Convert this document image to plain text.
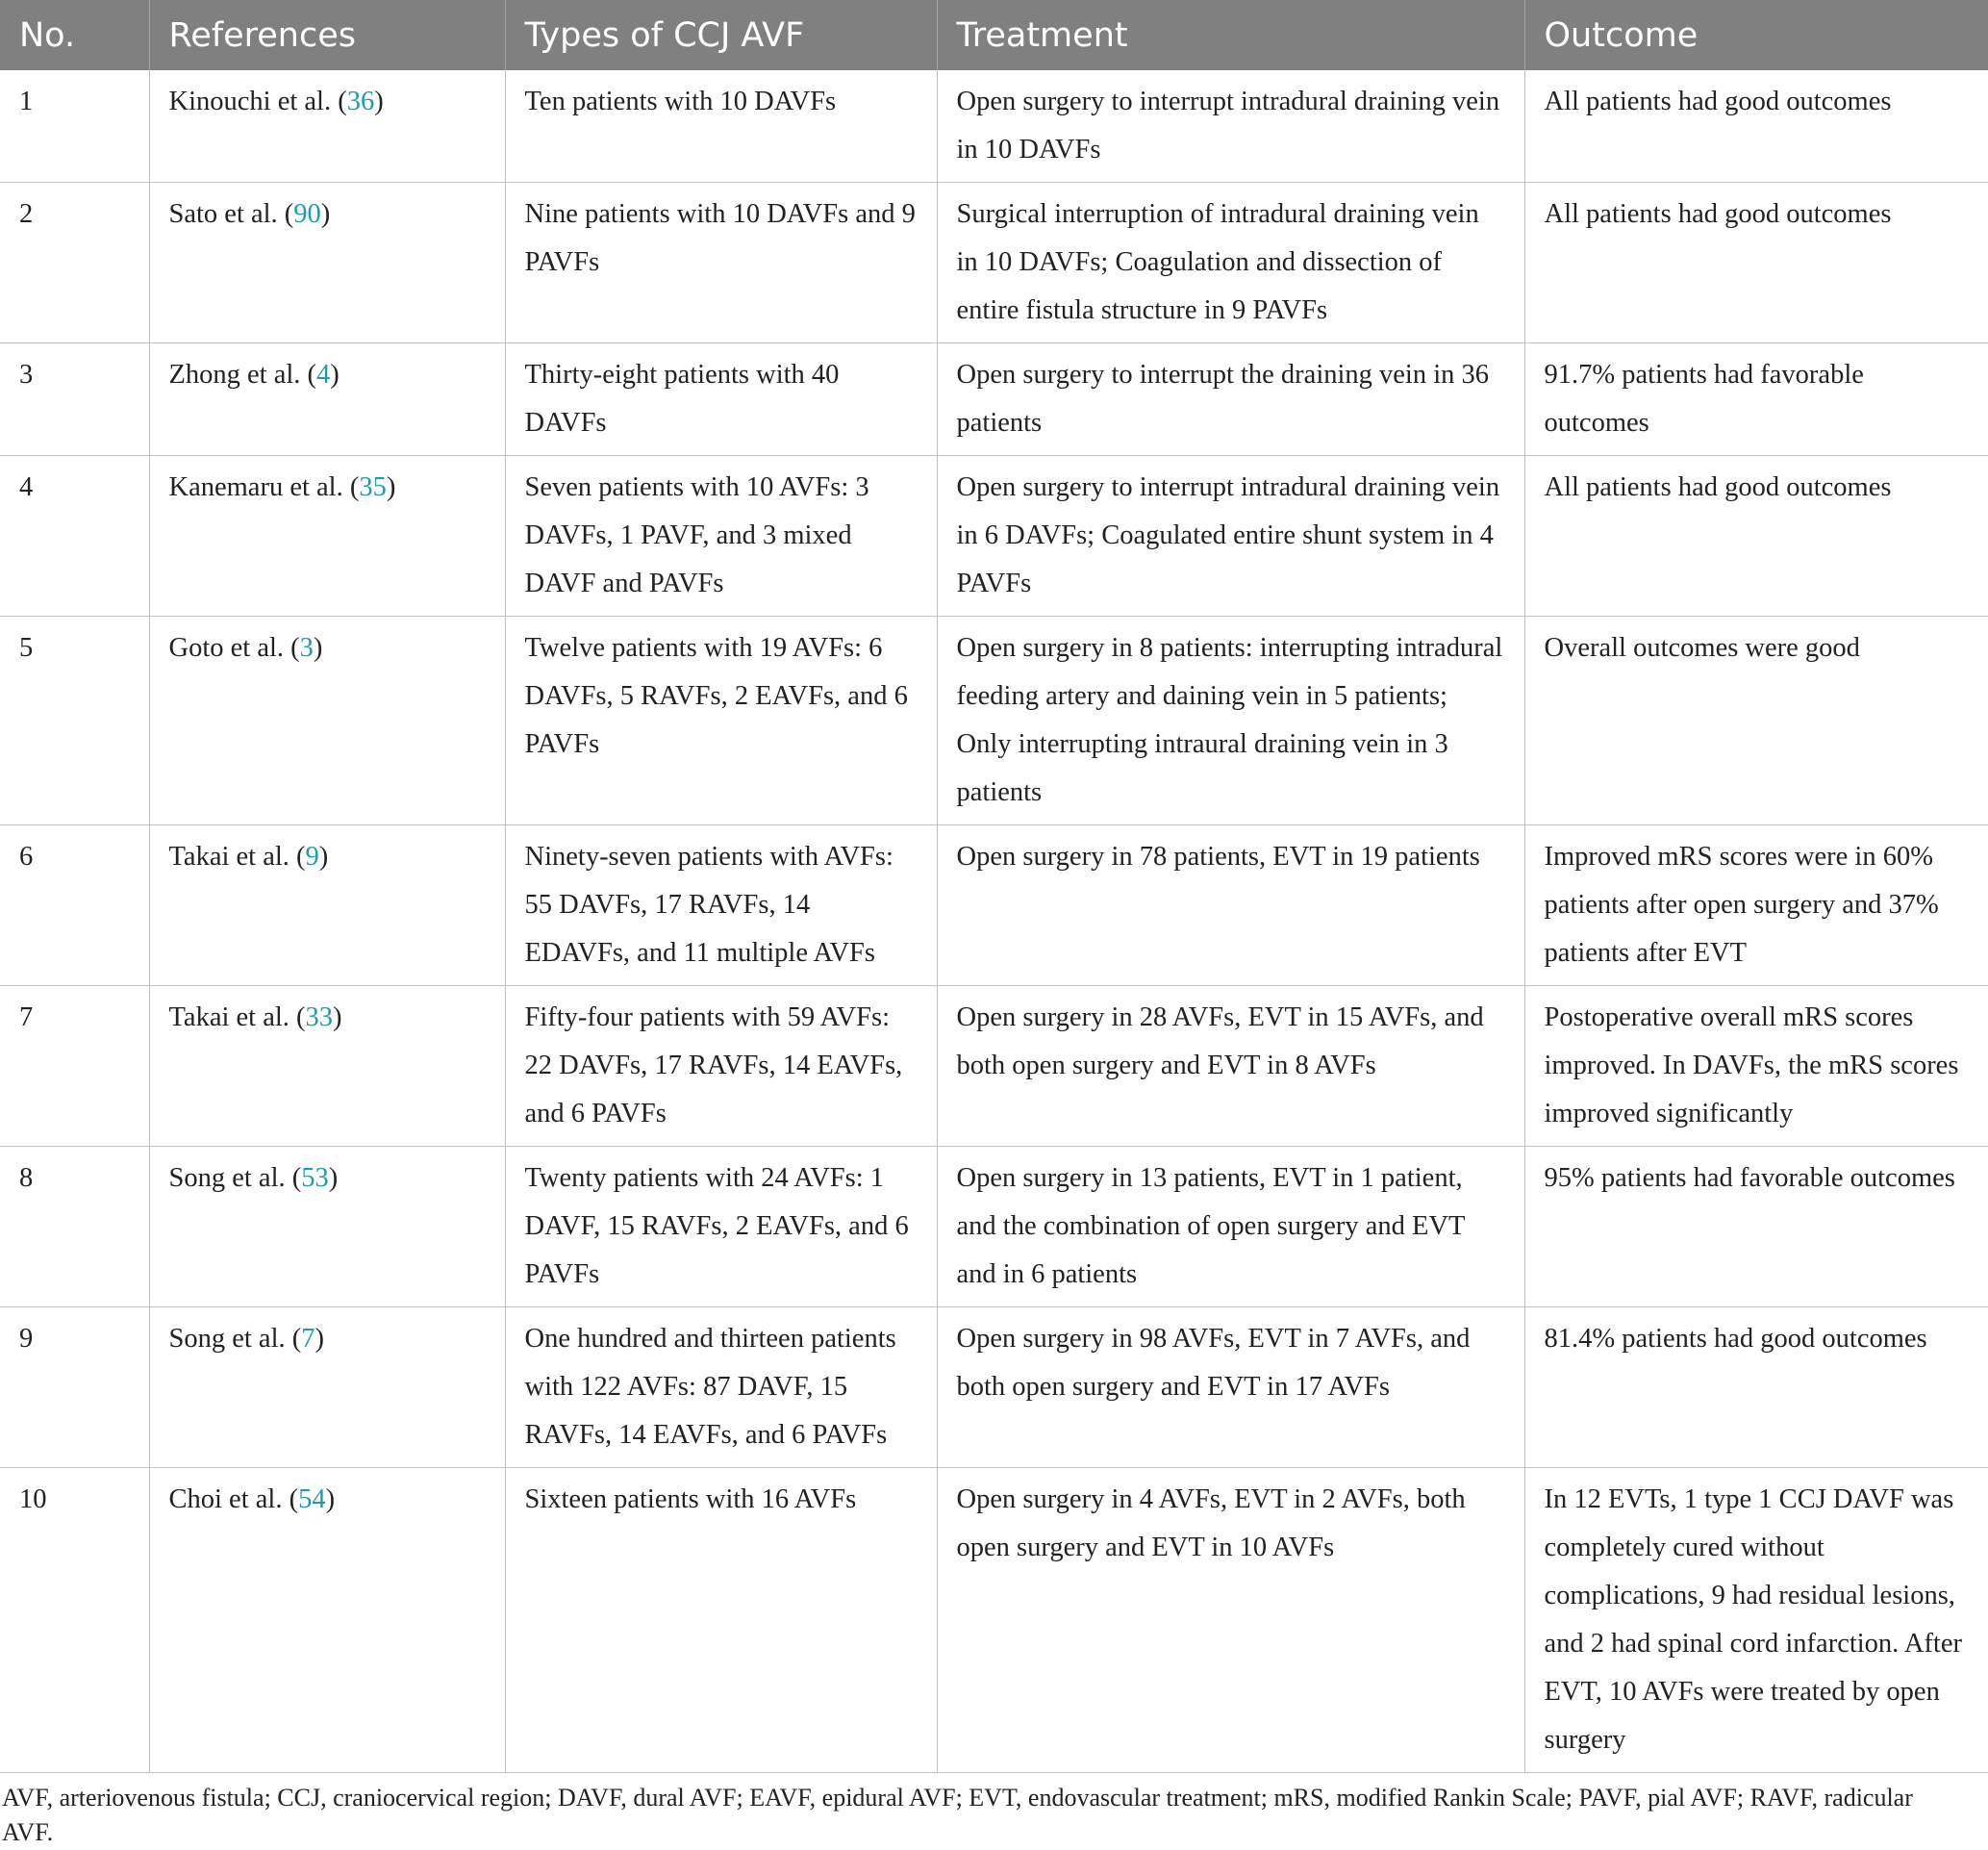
No.	References	Types of CCJ AVF	Treatment	Outcome
1	Kinouchi et al. (36)	Ten patients with 10 DAVFs	Open surgery to interrupt intradural draining vein in 10 DAVFs	All patients had good outcomes
2	Sato et al. (90)	Nine patients with 10 DAVFs and 9 PAVFs	Surgical interruption of intradural draining vein in 10 DAVFs; Coagulation and dissection of entire fistula structure in 9 PAVFs	All patients had good outcomes
3	Zhong et al. (4)	Thirty-eight patients with 40 DAVFs	Open surgery to interrupt the draining vein in 36 patients	91.7% patients had favorable outcomes
4	Kanemaru et al. (35)	Seven patients with 10 AVFs: 3 DAVFs, 1 PAVF, and 3 mixed DAVF and PAVFs	Open surgery to interrupt intradural draining vein in 6 DAVFs; Coagulated entire shunt system in 4 PAVFs	All patients had good outcomes
5	Goto et al. (3)	Twelve patients with 19 AVFs: 6 DAVFs, 5 RAVFs, 2 EAVFs, and 6 PAVFs	Open surgery in 8 patients: interrupting intradural feeding artery and daining vein in 5 patients; Only interrupting intraural draining vein in 3 patients	Overall outcomes were good
6	Takai et al. (9)	Ninety-seven patients with AVFs: 55 DAVFs, 17 RAVFs, 14 EDAVFs, and 11 multiple AVFs	Open surgery in 78 patients, EVT in 19 patients	Improved mRS scores were in 60% patients after open surgery and 37% patients after EVT
7	Takai et al. (33)	Fifty-four patients with 59 AVFs: 22 DAVFs, 17 RAVFs, 14 EAVFs, and 6 PAVFs	Open surgery in 28 AVFs, EVT in 15 AVFs, and both open surgery and EVT in 8 AVFs	Postoperative overall mRS scores improved. In DAVFs, the mRS scores improved significantly
8	Song et al. (53)	Twenty patients with 24 AVFs: 1 DAVF, 15 RAVFs, 2 EAVFs, and 6 PAVFs	Open surgery in 13 patients, EVT in 1 patient, and the combination of open surgery and EVT and in 6 patients	95% patients had favorable outcomes
9	Song et al. (7)	One hundred and thirteen patients with 122 AVFs: 87 DAVF, 15 RAVFs, 14 EAVFs, and 6 PAVFs	Open surgery in 98 AVFs, EVT in 7 AVFs, and both open surgery and EVT in 17 AVFs	81.4% patients had good outcomes
10	Choi et al. (54)	Sixteen patients with 16 AVFs	Open surgery in 4 AVFs, EVT in 2 AVFs, both open surgery and EVT in 10 AVFs	In 12 EVTs, 1 type 1 CCJ DAVF was completely cured without complications, 9 had residual lesions, and 2 had spinal cord infarction. After EVT, 10 AVFs were treated by open surgery
AVF, arteriovenous fistula; CCJ, craniocervical region; DAVF, dural AVF; EAVF, epidural AVF; EVT, endovascular treatment; mRS, modified Rankin Scale; PAVF, pial AVF; RAVF, radicular AVF.
